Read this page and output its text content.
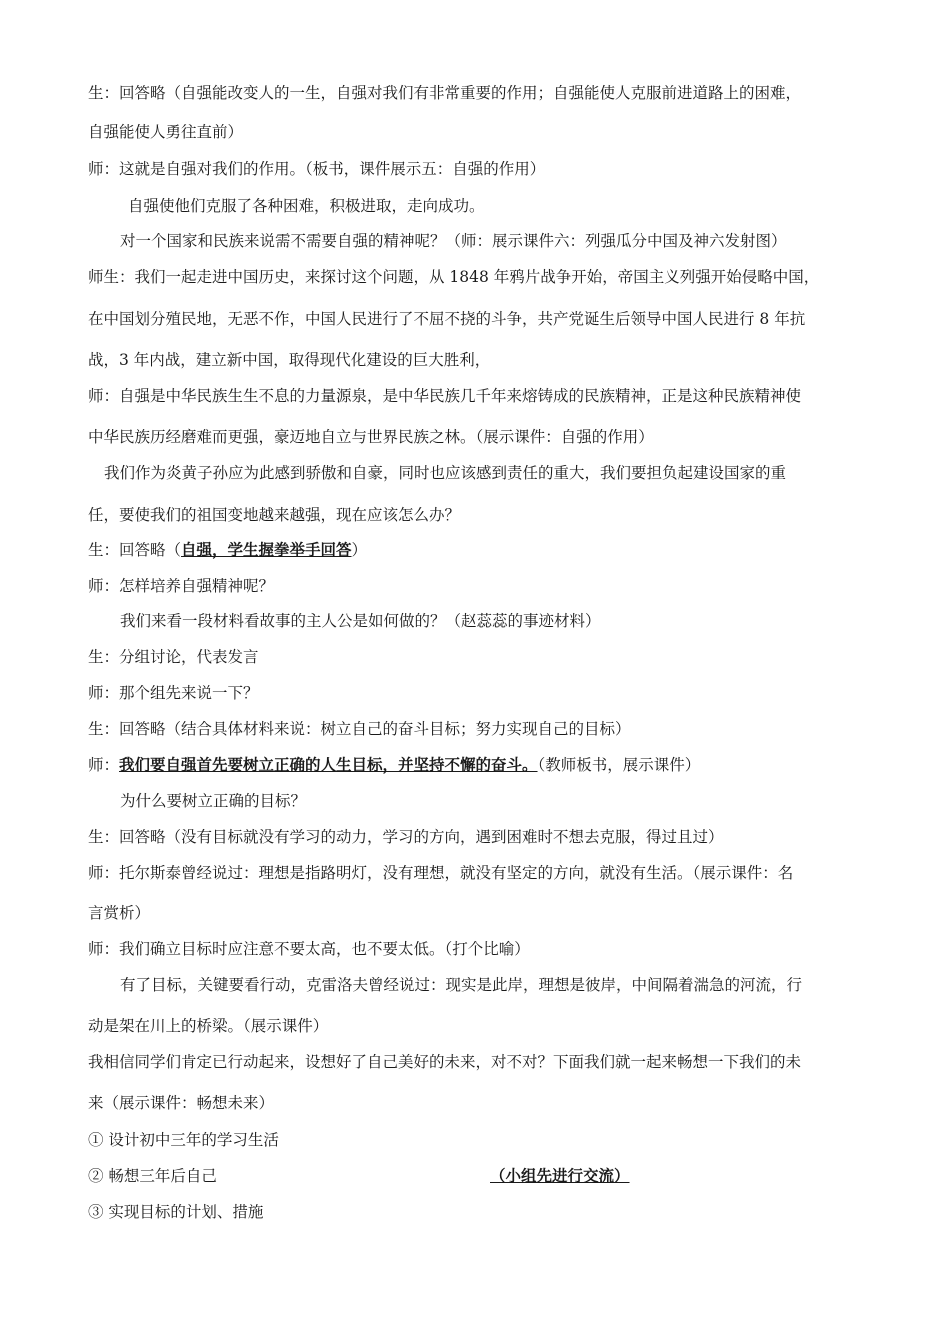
生：回答略（自强能改变人的一生，自强对我们有非常重要的作用；自强能使人克服前进道路上的困难，
自强能使人勇往直前）
师：这就是自强对我们的作用。（板书，课件展示五：自强的作用）
自强使他们克服了各种困难，积极进取，走向成功。
对一个国家和民族来说需不需要自强的精神呢？（师：展示课件六：列强瓜分中国及神六发射图）
师生：我们一起走进中国历史，来探讨这个问题，从 1848 年鸦片战争开始，帝国主义列强开始侵略中国，
在中国划分殖民地，无恶不作，中国人民进行了不屈不挠的斗争，共产党诞生后领导中国人民进行 8 年抗
战，3 年内战，建立新中国，取得现代化建设的巨大胜利，
师：自强是中华民族生生不息的力量源泉，是中华民族几千年来熔铸成的民族精神，正是这种民族精神使
中华民族历经磨难而更强，豪迈地自立与世界民族之林。（展示课件：自强的作用）
我们作为炎黄子孙应为此感到骄傲和自豪，同时也应该感到责任的重大，我们要担负起建设国家的重
任，要使我们的祖国变地越来越强，现在应该怎么办？
生：回答略（自强，学生握拳举手回答）
师：怎样培养自强精神呢？
我们来看一段材料看故事的主人公是如何做的？（赵蕊蕊的事迹材料）
生：分组讨论，代表发言
师：那个组先来说一下？
生：回答略（结合具体材料来说：树立自己的奋斗目标；努力实现自己的目标）
师：我们要自强首先要树立正确的人生目标，并坚持不懈的奋斗。（教师板书，展示课件）
为什么要树立正确的目标？
生：回答略（没有目标就没有学习的动力，学习的方向，遇到困难时不想去克服，得过且过）
师：托尔斯泰曾经说过：理想是指路明灯，没有理想，就没有坚定的方向，就没有生活。（展示课件：名
言赏析）
师：我们确立目标时应注意不要太高，也不要太低。（打个比喻）
有了目标，关键要看行动，克雷洛夫曾经说过：现实是此岸，理想是彼岸，中间隔着湍急的河流，行
动是架在川上的桥梁。（展示课件）
我相信同学们肯定已行动起来，设想好了自己美好的未来，对不对？下面我们就一起来畅想一下我们的未
来（展示课件：畅想未来）
① 设计初中三年的学习生活
② 畅想三年后自己	（小组先进行交流）
③ 实现目标的计划、措施
